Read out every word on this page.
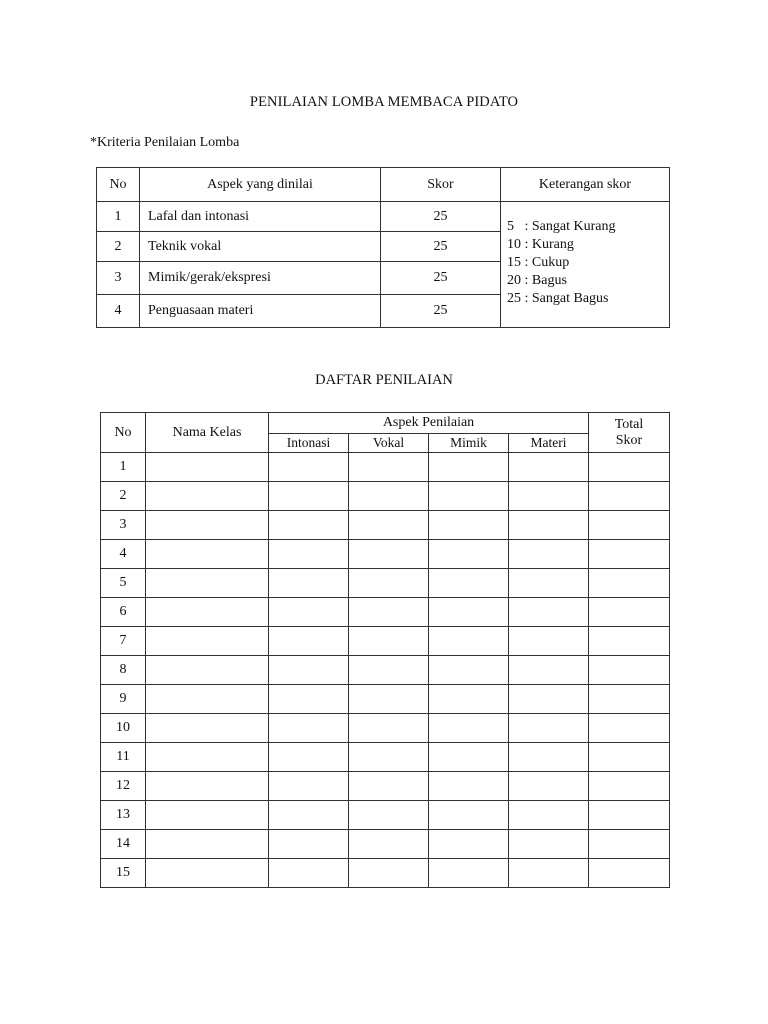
PENILAIAN LOMBA MEMBACA PIDATO
*Kriteria Penilaian Lomba
No	Aspek yang dinilai	Skor	Keterangan skor
1	Lafal dan intonasi	25	5   : Sangat Kurang
10 : Kurang
15 : Cukup
20 : Bagus
25 : Sangat Bagus

2	Teknik vokal	25	
3	Mimik/gerak/ekspresi	25	
4	Penguasaan materi	25	
DAFTAR PENILAIAN
No	Nama Kelas	Aspek Penilaian				Total
Skor

		Intonasi	Vokal	Mimik	Materi	
1						
2						
3						
4						
5						
6						
7						
8						
9						
10						
11						
12						
13						
14						
15						
